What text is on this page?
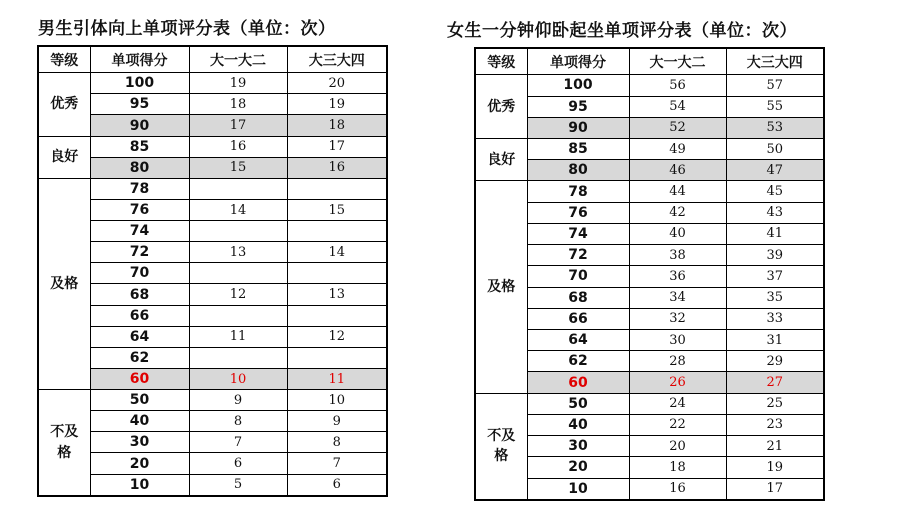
男生引体向上单项评分表（单位：次）	女生一分钟仰卧起坐单项评分表（单位：次）
等级	单项得分	大一大二	大三大四
优秀	100	19	20
	95	18	19
	90	17	18
良好	85	16	17
	80	15	16
及格	78		
	76	14	15
	74		
	72	13	14
	70		
	68	12	13
	66		
	64	11	12
	62		
	60	10	11
不及
格	50	9	10
	40	8	9
	30	7	8
	20	6	7
	10	5	6
等级	单项得分	大一大二	大三大四
优秀	100	56	57
	95	54	55
	90	52	53
良好	85	49	50
	80	46	47
及格	78	44	45
	76	42	43
	74	40	41
	72	38	39
	70	36	37
	68	34	35
	66	32	33
	64	30	31
	62	28	29
	60	26	27
不及
格	50	24	25
	40	22	23
	30	20	21
	20	18	19
	10	16	17
